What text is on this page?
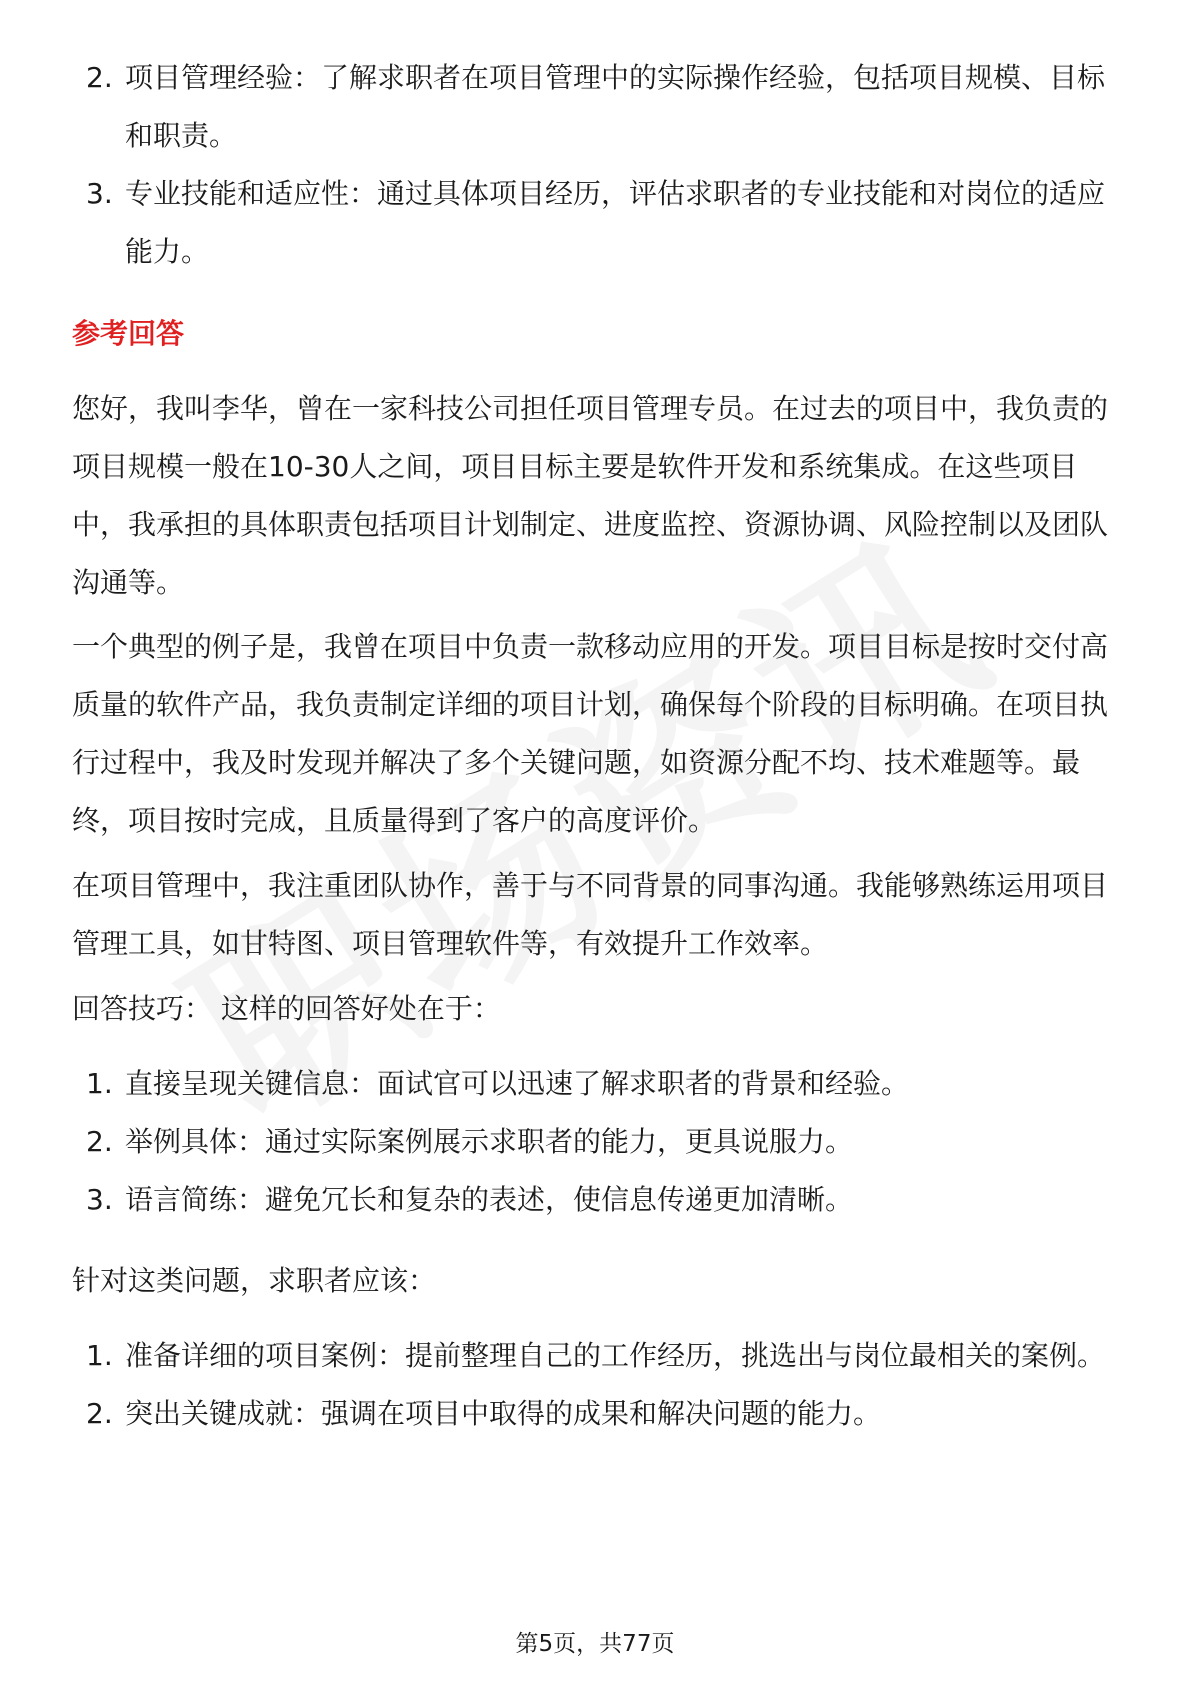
2. 项目管理经验：了解求职者在项目管理中的实际操作经验，包括项目规模、目标和职责。
3. 专业技能和适应性：通过具体项目经历，评估求职者的专业技能和对岗位的适应能力。
参考回答
您好，我叫李华，曾在一家科技公司担任项目管理专员。在过去的项目中，我负责的项目规模一般在10-30人之间，项目目标主要是软件开发和系统集成。在这些项目中，我承担的具体职责包括项目计划制定、进度监控、资源协调、风险控制以及团队沟通等。
一个典型的例子是，我曾在项目中负责一款移动应用的开发。项目目标是按时交付高质量的软件产品，我负责制定详细的项目计划，确保每个阶段的目标明确。在项目执行过程中，我及时发现并解决了多个关键问题，如资源分配不均、技术难题等。最终，项目按时完成，且质量得到了客户的高度评价。
在项目管理中，我注重团队协作，善于与不同背景的同事沟通。我能够熟练运用项目管理工具，如甘特图、项目管理软件等，有效提升工作效率。
回答技巧： 这样的回答好处在于：
1. 直接呈现关键信息：面试官可以迅速了解求职者的背景和经验。
2. 举例具体：通过实际案例展示求职者的能力，更具说服力。
3. 语言简练：避免冗长和复杂的表述，使信息传递更加清晰。
针对这类问题，求职者应该：
1. 准备详细的项目案例：提前整理自己的工作经历，挑选出与岗位最相关的案例。
2. 突出关键成就：强调在项目中取得的成果和解决问题的能力。
第5页，共77页
